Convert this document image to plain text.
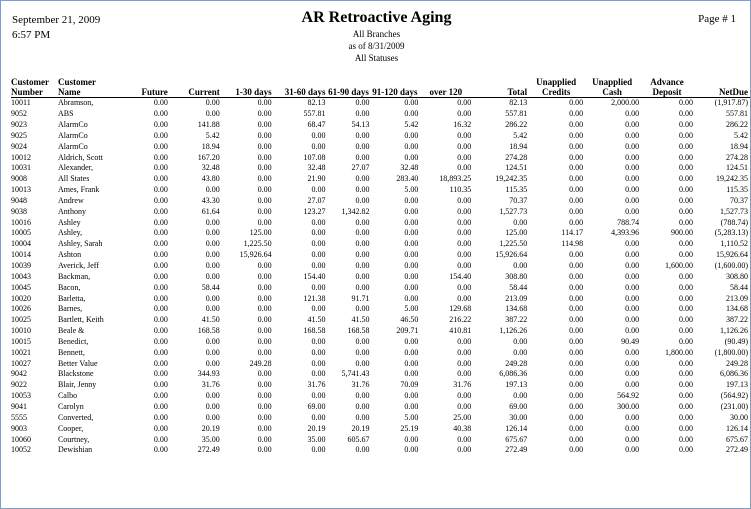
September 21, 2009
6:57 PM
Page # 1
AR Retroactive Aging
All Branches
as of 8/31/2009
All Statuses
Customer Number	Customer Name	Future	Current	1-30 days	31-60 days	61-90 days	91-120 days	over 120	Total	Unapplied Credits	Unapplied Cash	Advance Deposit	NetDue
10011	Abramson,	0.00	0.00	0.00	82.13	0.00	0.00	0.00	82.13	0.00	2,000.00	0.00	(1,917.87)
9052	ABS	0.00	0.00	0.00	557.81	0.00	0.00	0.00	557.81	0.00	0.00	0.00	557.81
9023	AlarmCo	0.00	141.88	0.00	68.47	54.13	5.42	16.32	286.22	0.00	0.00	0.00	286.22
9025	AlarmCo	0.00	5.42	0.00	0.00	0.00	0.00	0.00	5.42	0.00	0.00	0.00	5.42
9024	AlarmCo	0.00	18.94	0.00	0.00	0.00	0.00	0.00	18.94	0.00	0.00	0.00	18.94
10012	Aldrich, Scott	0.00	167.20	0.00	107.08	0.00	0.00	0.00	274.28	0.00	0.00	0.00	274.28
10031	Alexander,	0.00	32.48	0.00	32.48	27.07	32.48	0.00	124.51	0.00	0.00	0.00	124.51
9008	All States	0.00	43.80	0.00	21.90	0.00	283.40	18,893.25	19,242.35	0.00	0.00	0.00	19,242.35
10013	Ames, Frank	0.00	0.00	0.00	0.00	0.00	5.00	110.35	115.35	0.00	0.00	0.00	115.35
9048	Andrew	0.00	43.30	0.00	27.07	0.00	0.00	0.00	70.37	0.00	0.00	0.00	70.37
9038	Anthony	0.00	61.64	0.00	123.27	1,342.82	0.00	0.00	1,527.73	0.00	0.00	0.00	1,527.73
10016	Ashley	0.00	0.00	0.00	0.00	0.00	0.00	0.00	0.00	0.00	788.74	0.00	(788.74)
10005	Ashley,	0.00	0.00	125.00	0.00	0.00	0.00	0.00	125.00	114.17	4,393.96	900.00	(5,283.13)
10004	Ashley, Sarah	0.00	0.00	1,225.50	0.00	0.00	0.00	0.00	1,225.50	114.98	0.00	0.00	1,110.52
10014	Ashton	0.00	0.00	15,926.64	0.00	0.00	0.00	0.00	15,926.64	0.00	0.00	0.00	15,926.64
10039	Averick, Jeff	0.00	0.00	0.00	0.00	0.00	0.00	0.00	0.00	0.00	0.00	1,600.00	(1,600.00)
10043	Backman,	0.00	0.00	0.00	154.40	0.00	0.00	154.40	308.80	0.00	0.00	0.00	308.80
10045	Bacon,	0.00	58.44	0.00	0.00	0.00	0.00	0.00	58.44	0.00	0.00	0.00	58.44
10020	Barletta,	0.00	0.00	0.00	121.38	91.71	0.00	0.00	213.09	0.00	0.00	0.00	213.09
10026	Barnes,	0.00	0.00	0.00	0.00	0.00	5.00	129.68	134.68	0.00	0.00	0.00	134.68
10025	Bartlett, Keith	0.00	41.50	0.00	41.50	41.50	46.50	216.22	387.22	0.00	0.00	0.00	387.22
10010	Beale &	0.00	168.58	0.00	168.58	168.58	209.71	410.81	1,126.26	0.00	0.00	0.00	1,126.26
10015	Benedict,	0.00	0.00	0.00	0.00	0.00	0.00	0.00	0.00	0.00	90.49	0.00	(90.49)
10021	Bennett,	0.00	0.00	0.00	0.00	0.00	0.00	0.00	0.00	0.00	0.00	1,800.00	(1,800.00)
10027	Better Value	0.00	0.00	249.28	0.00	0.00	0.00	0.00	249.28	0.00	0.00	0.00	249.28
9042	Blackstone	0.00	344.93	0.00	0.00	5,741.43	0.00	0.00	6,086.36	0.00	0.00	0.00	6,086.36
9022	Blair, Jenny	0.00	31.76	0.00	31.76	31.76	70.09	31.76	197.13	0.00	0.00	0.00	197.13
10053	Calbo	0.00	0.00	0.00	0.00	0.00	0.00	0.00	0.00	0.00	564.92	0.00	(564.92)
9041	Carolyn	0.00	0.00	0.00	69.00	0.00	0.00	0.00	69.00	0.00	300.00	0.00	(231.00)
5555	Converted,	0.00	0.00	0.00	0.00	0.00	5.00	25.00	30.00	0.00	0.00	0.00	30.00
9003	Cooper,	0.00	20.19	0.00	20.19	20.19	25.19	40.38	126.14	0.00	0.00	0.00	126.14
10060	Courtney,	0.00	35.00	0.00	35.00	605.67	0.00	0.00	675.67	0.00	0.00	0.00	675.67
10052	Dewishian	0.00	272.49	0.00	0.00	0.00	0.00	0.00	272.49	0.00	0.00	0.00	272.49
